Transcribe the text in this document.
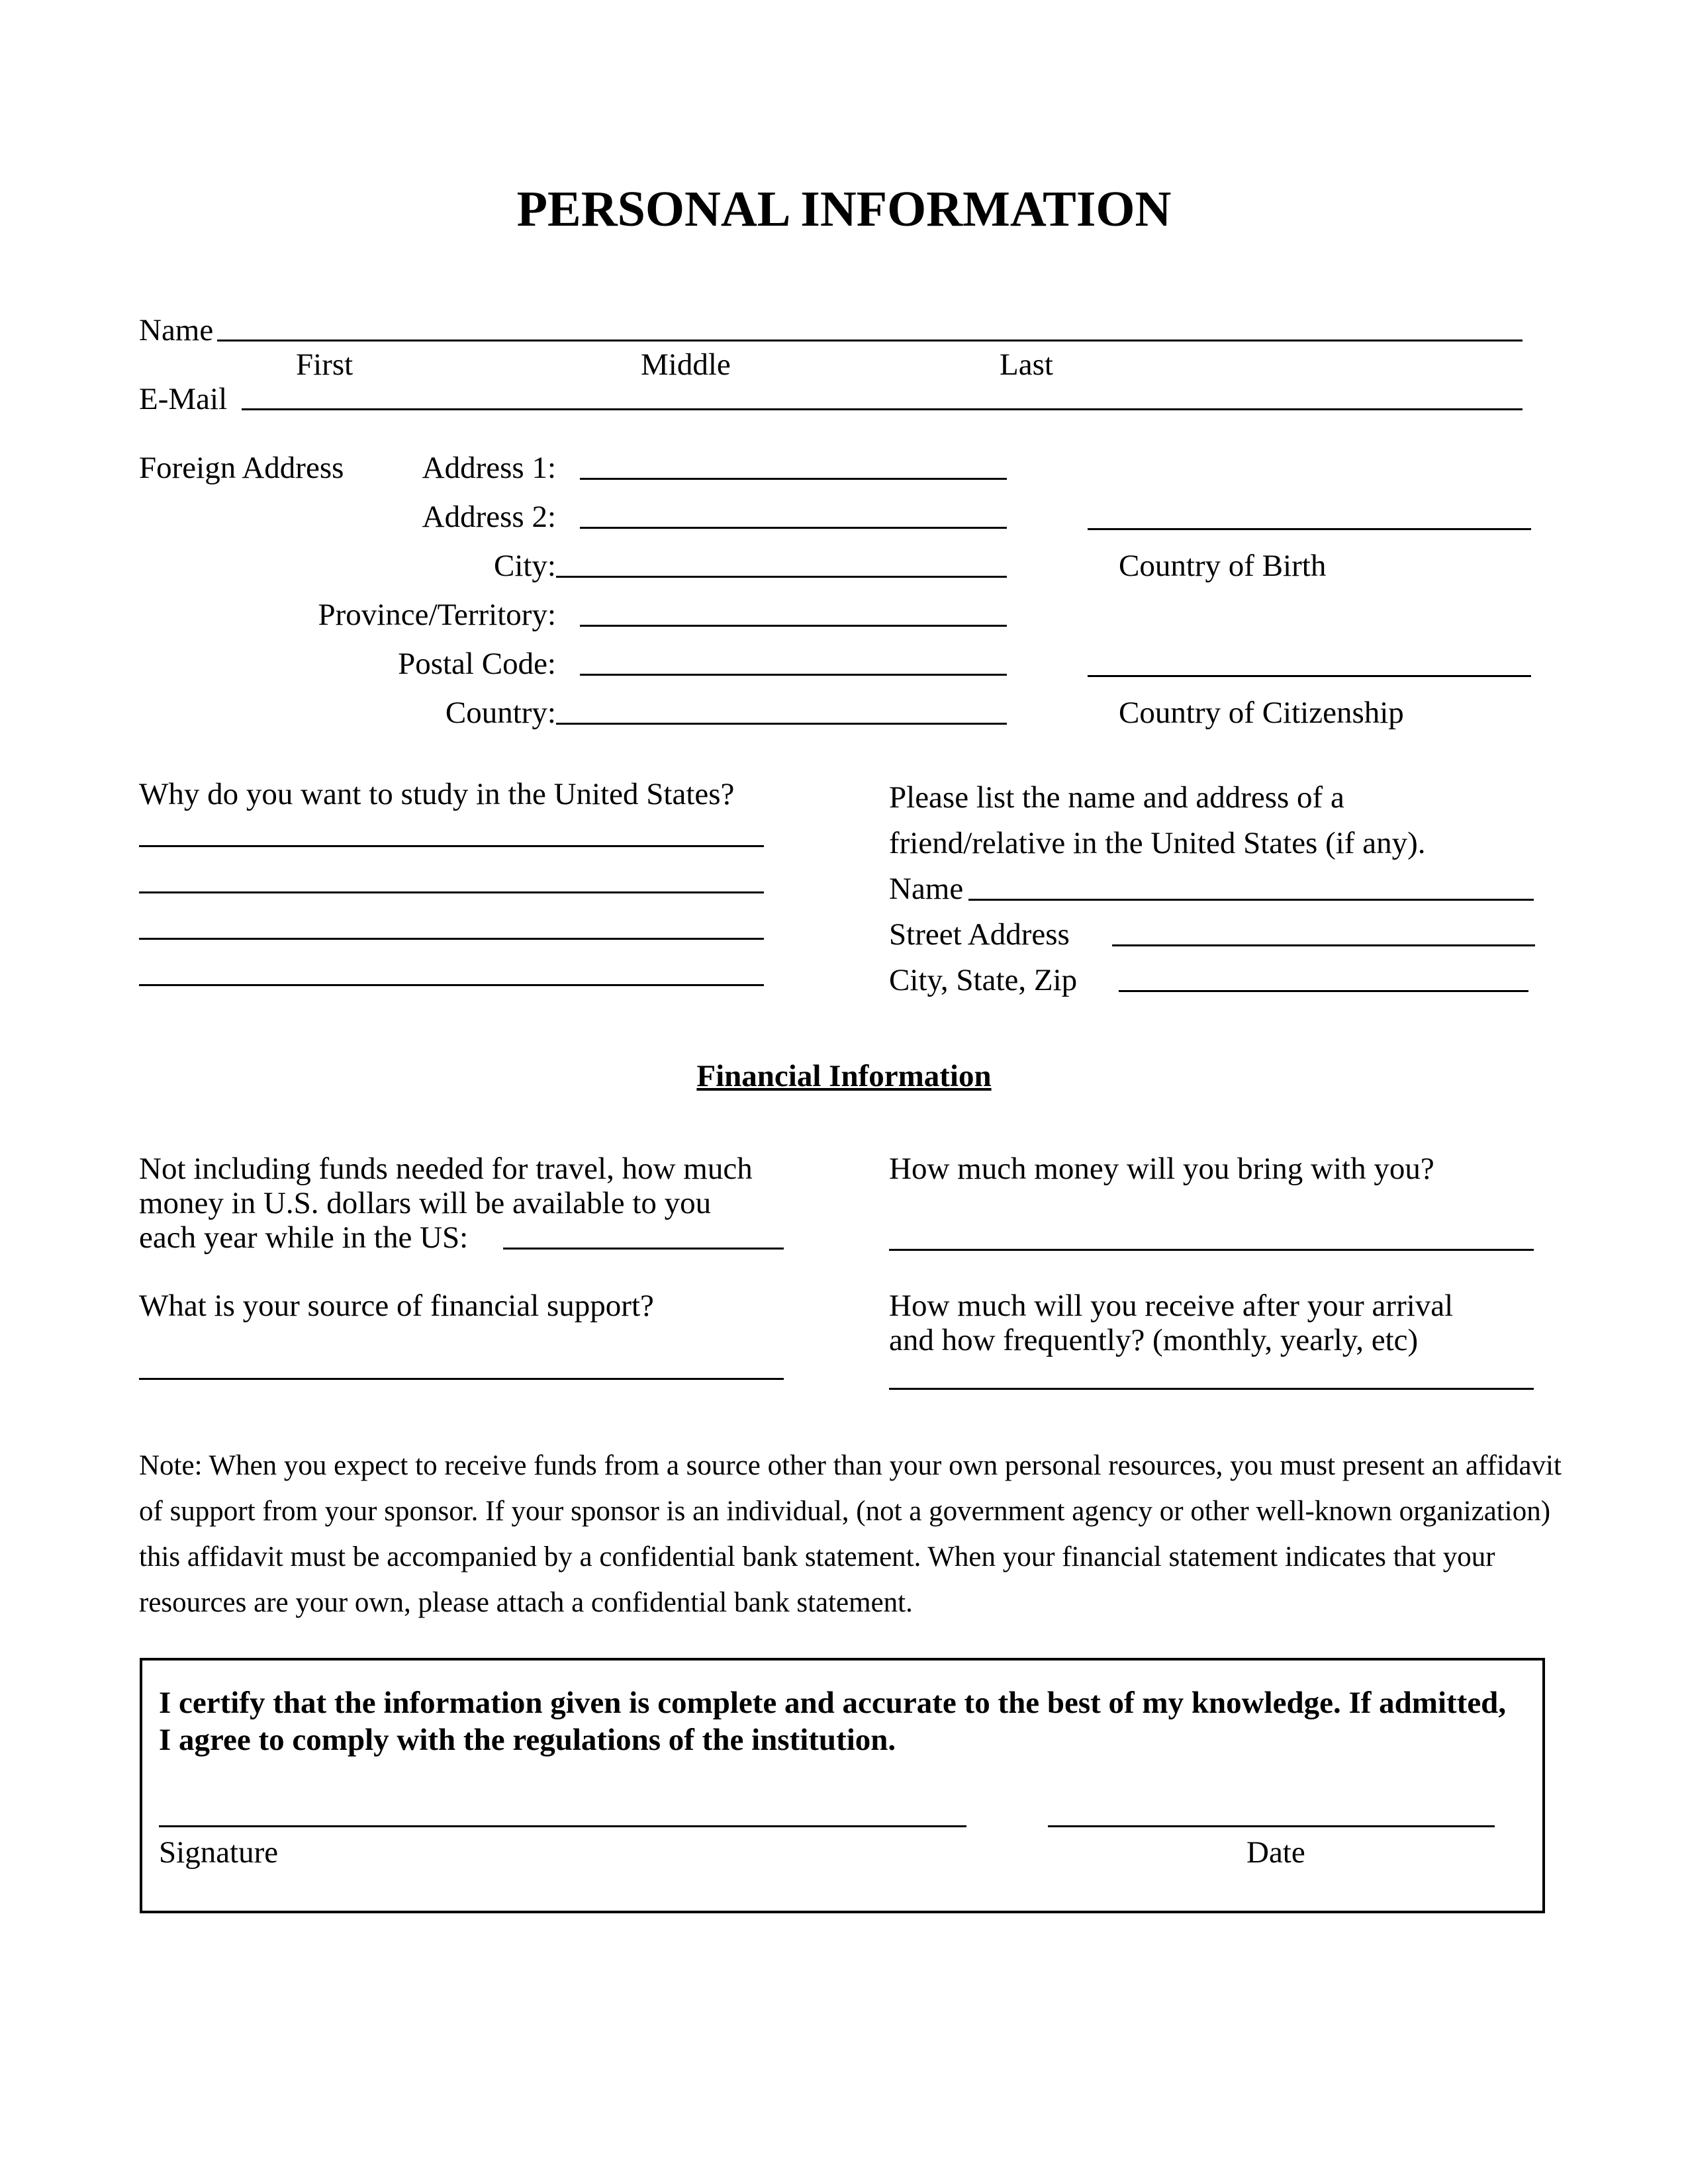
PERSONAL INFORMATION
Name
First	Middle	Last
E-Mail
Foreign Address	Address 1:
Address 2:
City:	Country of Birth
Province/Territory:
Postal Code:
Country:	Country of Citizenship
Why do you want to study in the United States?	Please list the name and address of a
friend/relative in the United States (if any).
Name
Street Address
City, State, Zip
Financial Information
Not including funds needed for travel, how much
money in U.S. dollars will be available to you
each year while in the US:
How much money will you bring with you?
What is your source of financial support?	How much will you receive after your arrival
and how frequently? (monthly, yearly, etc)
Note: When you expect to receive funds from a source other than your own personal resources, you must present an affidavit of support from your sponsor. If your sponsor is an individual, (not a government agency or other well-known organization) this affidavit must be accompanied by a confidential bank statement. When your financial statement indicates that your resources are your own, please attach a confidential bank statement.
I certify that the information given is complete and accurate to the best of my knowledge. If admitted, I agree to comply with the regulations of the institution.
Signature	Date
